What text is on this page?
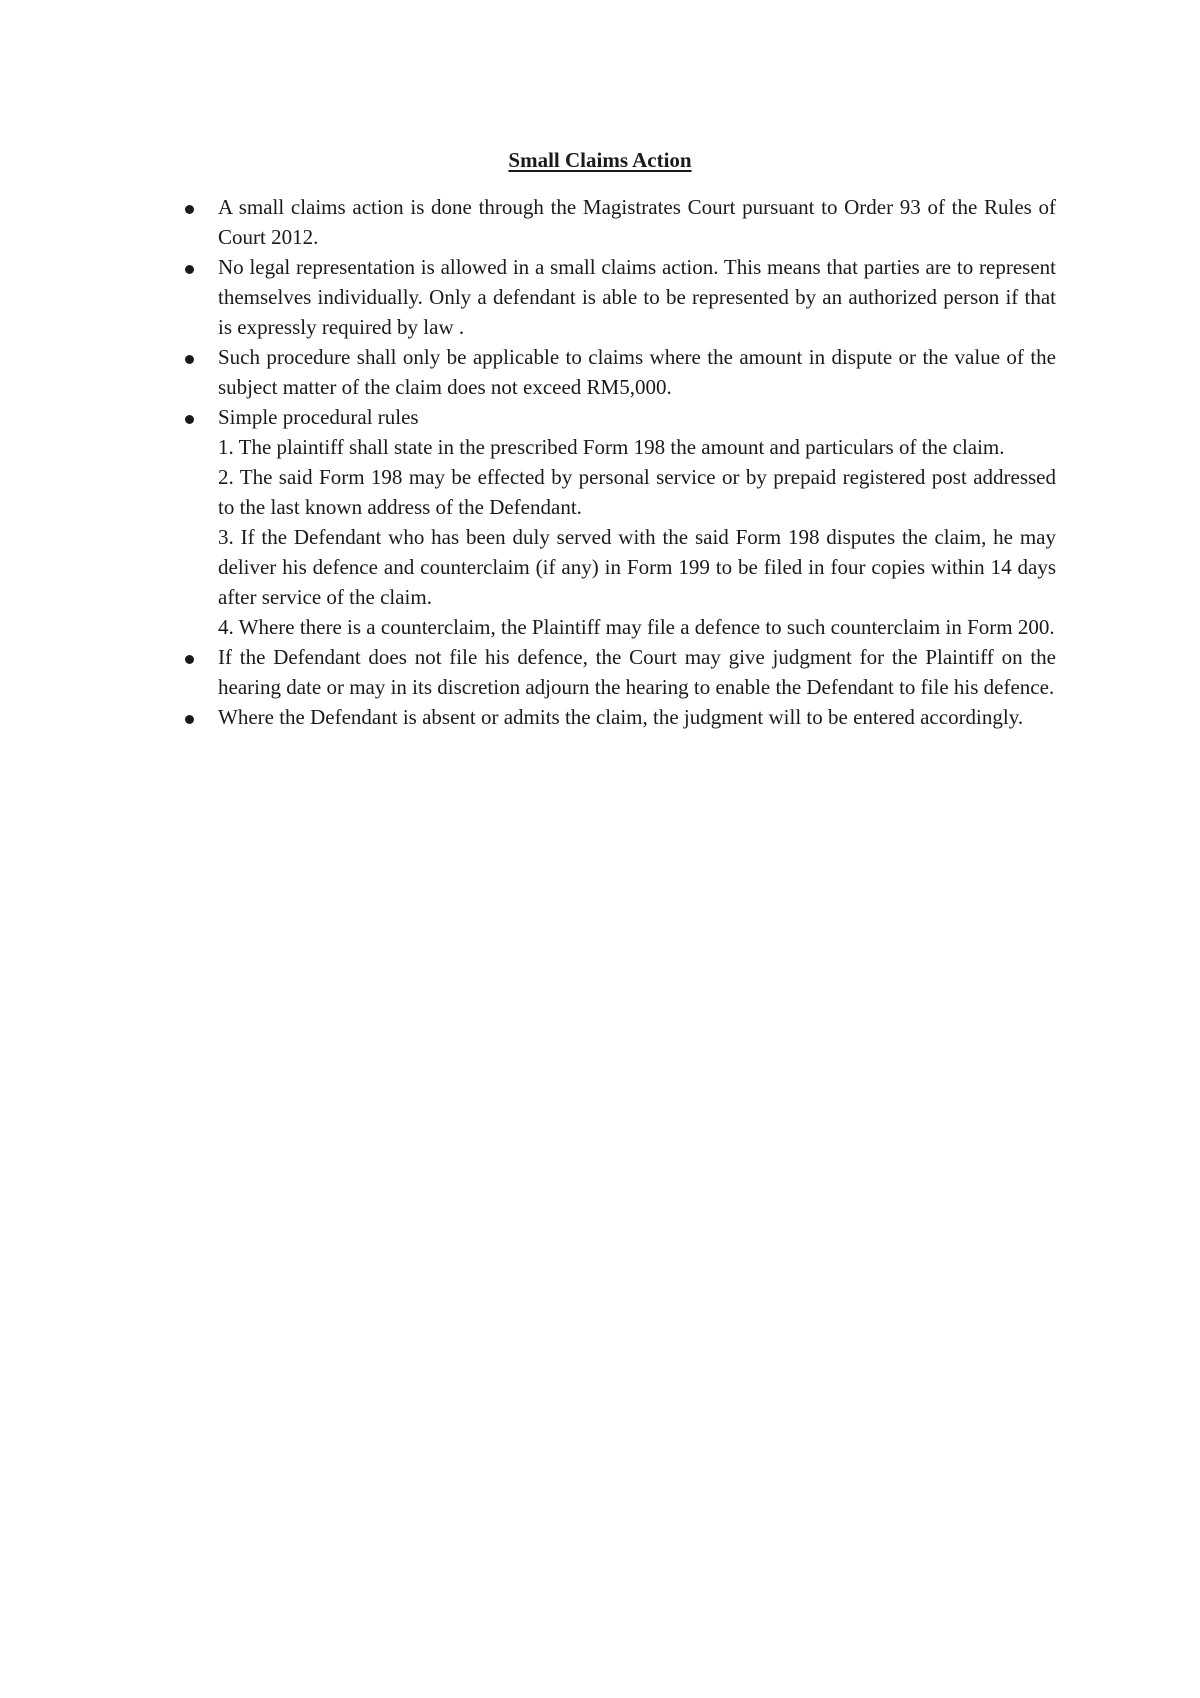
Small Claims Action

A small claims action is done through the Magistrates Court pursuant to Order 93 of the Rules of Court 2012.

No legal representation is allowed in a small claims action. This means that parties are to represent themselves individually. Only a defendant is able to be represented by an authorized person if that is expressly required by law .

Such procedure shall only be applicable to claims where the amount in dispute or the value of the subject matter of the claim does not exceed RM5,000.

Simple procedural rules

1. The plaintiff shall state in the prescribed Form 198 the amount and particulars of the claim.

2. The said Form 198 may be effected by personal service or by prepaid registered post addressed to the last known address of the Defendant.

3. If the Defendant who has been duly served with the said Form 198 disputes the claim, he may deliver his defence and counterclaim (if any) in Form 199 to be filed in four copies within 14 days after service of the claim.

4. Where there is a counterclaim, the Plaintiff may file a defence to such counterclaim in Form 200.

If the Defendant does not file his defence, the Court may give judgment for the Plaintiff on the hearing date or may in its discretion adjourn the hearing to enable the Defendant to file his defence.

Where the Defendant is absent or admits the claim, the judgment will to be entered accordingly.
